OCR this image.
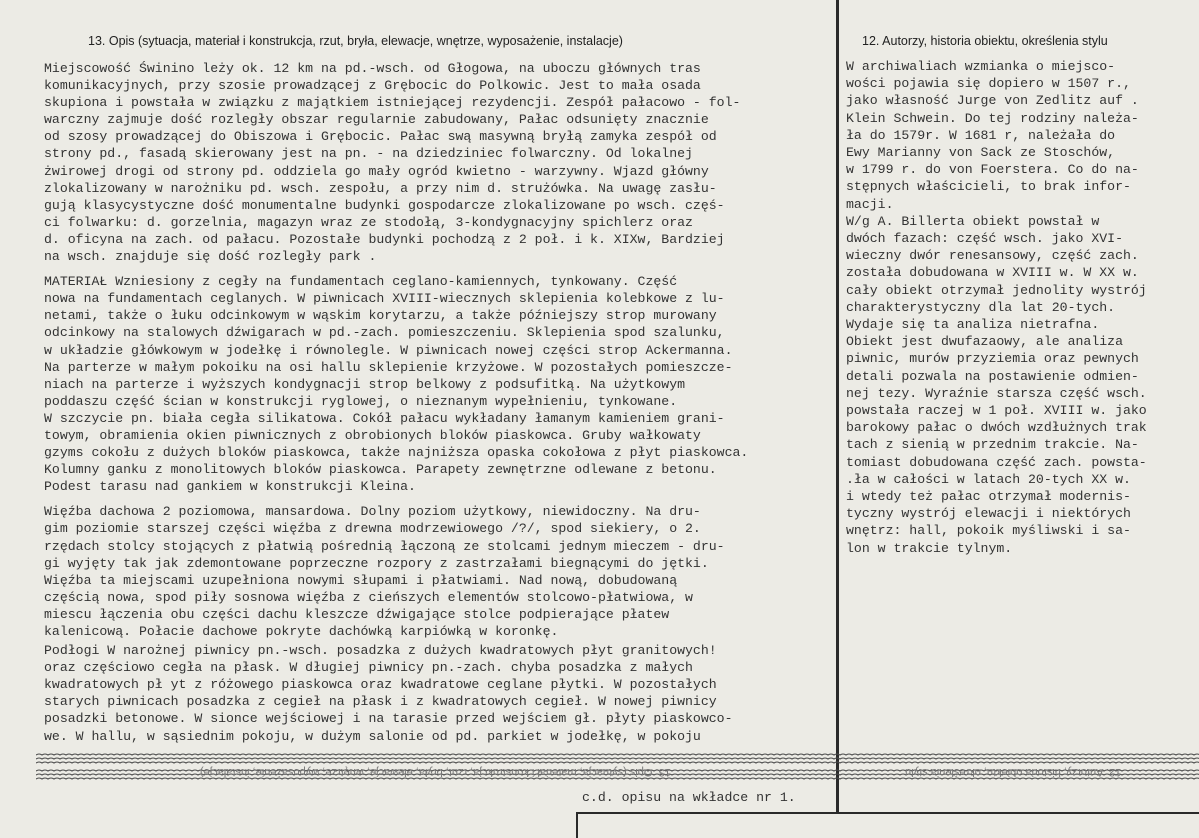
13. Opis (sytuacja, materiał i konstrukcja, rzut, bryła, elewacje, wnętrze, wyposażenie, instalacje)	12. Autorzy, historia obiektu, określenia stylu
Miejscowość Świnino leży ok. 12 km na pd.-wsch. od Głogowa, na uboczu głównych tras
komunikacyjnych, przy szosie prowadzącej z Grębocic do Polkowic. Jest to mała osada
skupiona i powstała w związku z majątkiem istniejącej rezydencji. Zespół pałacowo - fol-
warczny zajmuje dość rozległy obszar regularnie zabudowany, Pałac odsunięty znacznie
od szosy prowadzącej do Obiszowa i Grębocic. Pałac swą masywną bryłą zamyka zespół od
strony pd., fasadą skierowany jest na pn. - na dziedziniec folwarczny. Od lokalnej
żwirowej drogi od strony pd. oddziela go mały ogród kwietno - warzywny. Wjazd główny
zlokalizowany w narożniku pd. wsch. zespołu, a przy nim d. strużówka. Na uwagę zasłu-
gują klasycystyczne dość monumentalne budynki gospodarcze zlokalizowane po wsch. częś-
ci folwarku: d. gorzelnia, magazyn wraz ze stodołą, 3-kondygnacyjny spichlerz oraz
d. oficyna na zach. od pałacu. Pozostałe budynki pochodzą z 2 poł. i k. XIXw, Bardziej
na wsch. znajduje się dość rozległy park .
MATERIAŁ Wzniesiony z cegły na fundamentach ceglano-kamiennych, tynkowany. Część
nowa na fundamentach ceglanych. W piwnicach XVIII-wiecznych sklepienia kolebkowe z lu-
netami, także o łuku odcinkowym w wąskim korytarzu, a także późniejszy strop murowany
odcinkowy na stalowych dźwigarach w pd.-zach. pomieszczeniu. Sklepienia spod szalunku,
w układzie główkowym w jodełkę i równolegle. W piwnicach nowej części strop Ackermanna.
Na parterze w małym pokoiku na osi hallu sklepienie krzyżowe. W pozostałych pomieszcze-
niach na parterze i wyższych kondygnacji strop belkowy z podsufitką. Na użytkowym
poddaszu część ścian w konstrukcji ryglowej, o nieznanym wypełnieniu, tynkowane.
W szczycie pn. biała cegła silikatowa. Cokół pałacu wykładany łamanym kamieniem grani-
towym, obramienia okien piwnicznych z obrobionych bloków piaskowca. Gruby wałkowaty
gzyms cokołu z dużych bloków piaskowca, także najniższa opaska cokołowa z płyt piaskowca.
Kolumny ganku z monolitowych bloków piaskowca. Parapety zewnętrzne odlewane z betonu.
Podest tarasu nad gankiem w konstrukcji Kleina.
Więźba dachowa 2 poziomowa, mansardowa. Dolny poziom użytkowy, niewidoczny. Na dru-
gim poziomie starszej części więźba z drewna modrzewiowego /?/, spod siekiery, o 2.
rzędach stolcy stojących z płatwią pośrednią łączoną ze stolcami jednym mieczem - dru-
gi wyjęty tak jak zdemontowane poprzeczne rozpory z zastrzałami biegnącymi do jętki.
Więźba ta miejscami uzupełniona nowymi słupami i płatwiami. Nad nową, dobudowaną
częścią nowa, spod piły sosnowa więźba z cieńszych elementów stolcowo-płatwiowa, w
miescu łączenia obu części dachu kleszcze dźwigające stolce podpierające płatew
kalenicową. Połacie dachowe pokryte dachówką karpiówką w koronkę.
Podłogi W narożnej piwnicy pn.-wsch. posadzka z dużych kwadratowych płyt granitowych!
oraz częściowo cegła na płask. W długiej piwnicy pn.-zach. chyba posadzka z małych
kwadratowych pł yt z różowego piaskowca oraz kwadratowe ceglane płytki. W pozostałych
starych piwnicach posadzka z cegieł na płask i z kwadratowych cegieł. W nowej piwnicy
posadzki betonowe. W sionce wejściowej i na tarasie przed wejściem gł. płyty piaskowco-
we. W hallu, w sąsiednim pokoju, w dużym salonie od pd. parkiet w jodełkę, w pokoju
W archiwaliach wzmianka o miejsco-
wości pojawia się dopiero w 1507 r.,
jako własność Jurge von Zedlitz auf .
Klein Schwein. Do tej rodziny należa-
ła do 1579r. W 1681 r, należała do
Ewy Marianny von Sack ze Stoschów,
w 1799 r. do von Foerstera. Co do na-
stępnych właścicieli, to brak infor-
macji.
W/g A. Billerta obiekt powstał w
dwóch fazach: część wsch. jako XVI-
wieczny dwór renesansowy, część zach.
została dobudowana w XVIII w. W XX w.
cały obiekt otrzymał jednolity wystrój
charakterystyczny dla lat 20-tych.
Wydaje się ta analiza nietrafna.
Obiekt jest dwufazaowy, ale analiza
piwnic, murów przyziemia oraz pewnych
detali pozwala na postawienie odmien-
nej tezy. Wyraźnie starsza część wsch.
powstała raczej w 1 poł. XVIII w. jako
barokowy pałac o dwóch wzdłużnych trak
tach z sienią w przednim trakcie. Na-
tomiast dobudowana część zach. powsta-
.ła w całości w latach 20-tych XX w.
i wtedy też pałac otrzymał modernis-
tyczny wystrój elewacji i niektórych
wnętrz: hall, pokoik myśliwski i sa-
lon w trakcie tylnym.
13. Opis (sytuacja, materiał i konstrukcja, rzut, bryła, elewacje, wnętrze, wyposażenie, instalacje)	12. Autorzy, historia obiektu, określenia stylu
c.d. opisu na wkładce nr 1.
